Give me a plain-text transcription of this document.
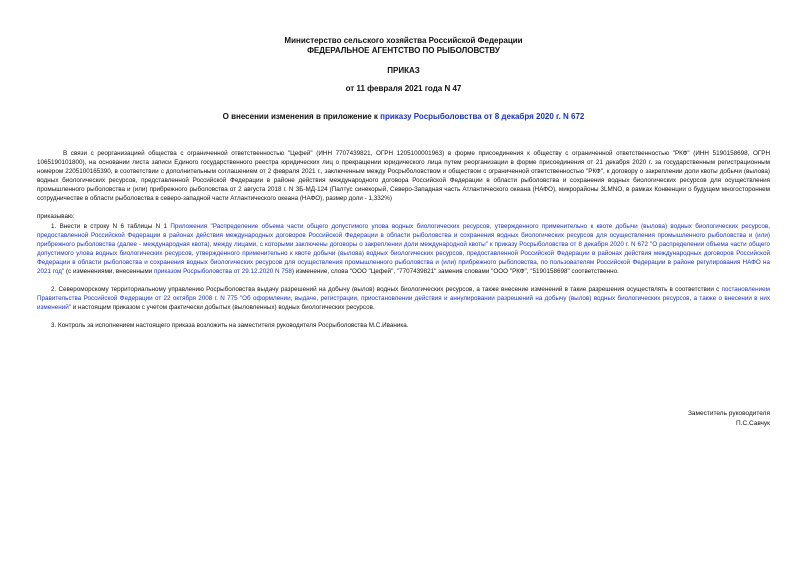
Министерство сельского хозяйства Российской Федерации
ФЕДЕРАЛЬНОЕ АГЕНТСТВО ПО РЫБОЛОВСТВУ
ПРИКАЗ
от 11 февраля 2021 года N 47
О внесении изменения в приложение к приказу Росрыболовства от 8 декабря 2020 г. N 672

В связи с реорганизацией общества с ограниченной ответственностью "Цефей" (ИНН 7707439821, ОГРН 1205100001963) в форме присоединения к обществу с ограниченной ответственностью "РКФ" (ИНН 5190158698, ОГРН 1065190101800), на основании листа записи Единого государственного реестра юридических лиц о прекращении юридического лица путем реорганизации в форме присоединения от 21 декабря 2020 г. за государственным регистрационным номером 2205100165390, в соответствии с дополнительным соглашением от 2 февраля 2021 г., заключенным между Росрыболовством и обществом с ограниченной ответственностью "РКФ", к договору о закреплении доли квоты добычи (вылова) водных биологических ресурсов, представленной Российской Федерации в районе действия международного договора Российской Федерации в области рыболовства и сохранения водных биологических ресурсов для осуществления промышленного рыболовства и (или) прибрежного рыболовства от 2 августа 2018 г. N ЗБ-МД-124 (Палтус синекорый, Северо-Западная часть Атлантического океана (НАФО), микрорайоны 3LMNO, в рамках Конвенции о будущем многостороннем сотрудничестве в области рыболовства в северо-западной части Атлантического океана (НАФО), размер доли - 1,332%)

приказываю:

1. Внести в строку N 6 таблицы N 1 Приложения "Распределение объема части общего допустимого улова водных биологических ресурсов, утвержденного применительно к квоте добычи (вылова) водных биологических ресурсов, предоставленной Российской Федерации в районах действия международных договоров Российской Федерации в области рыболовства и сохранения водных биологических ресурсов для осуществления промышленного рыболовства и (или) прибрежного рыболовства (далее - международная квота), между лицами, с которыми заключены договоры о закреплении доли международной квоты" к приказу Росрыболовства от 8 декабря 2020 г. N 672 "О распределении объема части общего допустимого улова водных биологических ресурсов, утвержденного применительно к квоте добычи (вылова) водных биологических ресурсов, предоставленной Российской Федерации в районах действия международных договоров Российской Федерации в области рыболовства и сохранения водных биологических ресурсов для осуществления промышленного рыболовства и (или) прибрежного рыболовства, по пользователям Российской Федерации в районе регулирования НАФО на 2021 год" (с изменениями, внесенными приказом Росрыболовства от 29.12.2020 N 758) изменение, слова "ООО "Цефей", "7707439821" заменив словами "ООО "РКФ", "5190158698" соответственно.

2. Североморскому территориальному управлению Росрыболовства выдачу разрешений на добычу (вылов) водных биологических ресурсов, а также внесение изменений в такие разрешения осуществлять в соответствии с постановлением Правительства Российской Федерации от 22 октября 2008 г. N 775 "Об оформлении, выдаче, регистрации, приостановлении действия и аннулировании разрешений на добычу (вылов) водных биологических ресурсов, а также о внесении в них изменений" и настоящим приказом с учетом фактически добытых (выловленных) водных биологических ресурсов.

3. Контроль за исполнением настоящего приказа возложить на заместителя руководителя Росрыболовства М.С.Иваника.

Заместитель руководителя
П.С.Савчук
